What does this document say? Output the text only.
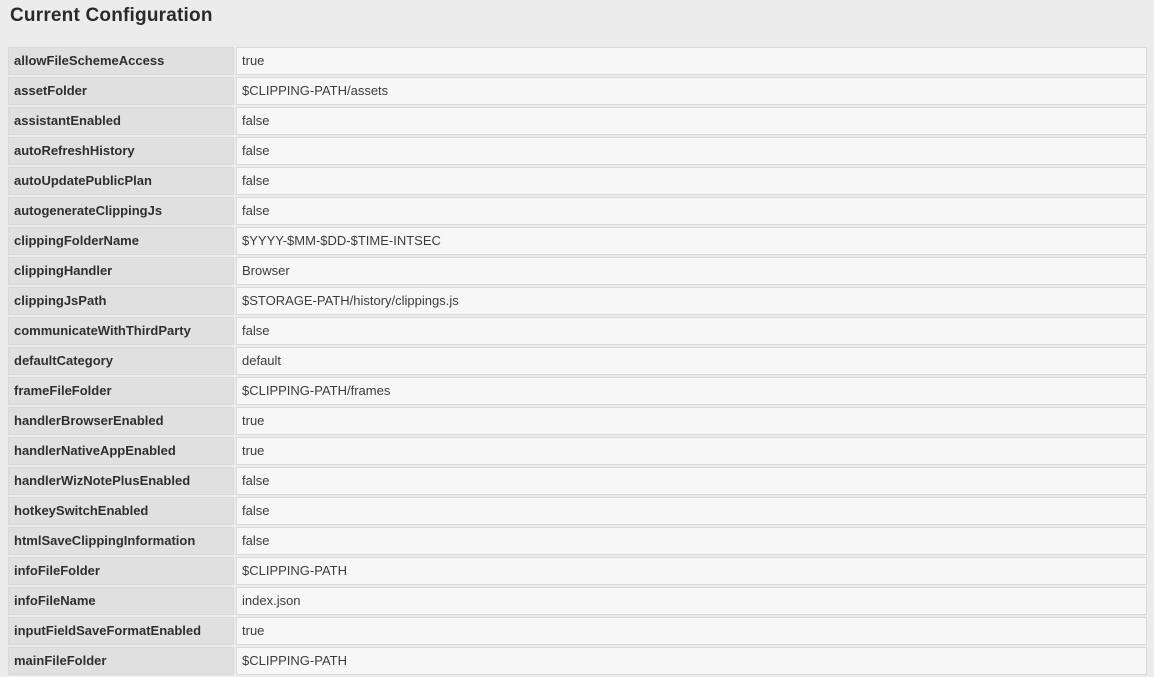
Current Configuration
allowFileSchemeAccess	true
assetFolder	$CLIPPING-PATH/assets
assistantEnabled	false
autoRefreshHistory	false
autoUpdatePublicPlan	false
autogenerateClippingJs	false
clippingFolderName	$YYYY-$MM-$DD-$TIME-INTSEC
clippingHandler	Browser
clippingJsPath	$STORAGE-PATH/history/clippings.js
communicateWithThirdParty	false
defaultCategory	default
frameFileFolder	$CLIPPING-PATH/frames
handlerBrowserEnabled	true
handlerNativeAppEnabled	true
handlerWizNotePlusEnabled	false
hotkeySwitchEnabled	false
htmlSaveClippingInformation	false
infoFileFolder	$CLIPPING-PATH
infoFileName	index.json
inputFieldSaveFormatEnabled	true
mainFileFolder	$CLIPPING-PATH
